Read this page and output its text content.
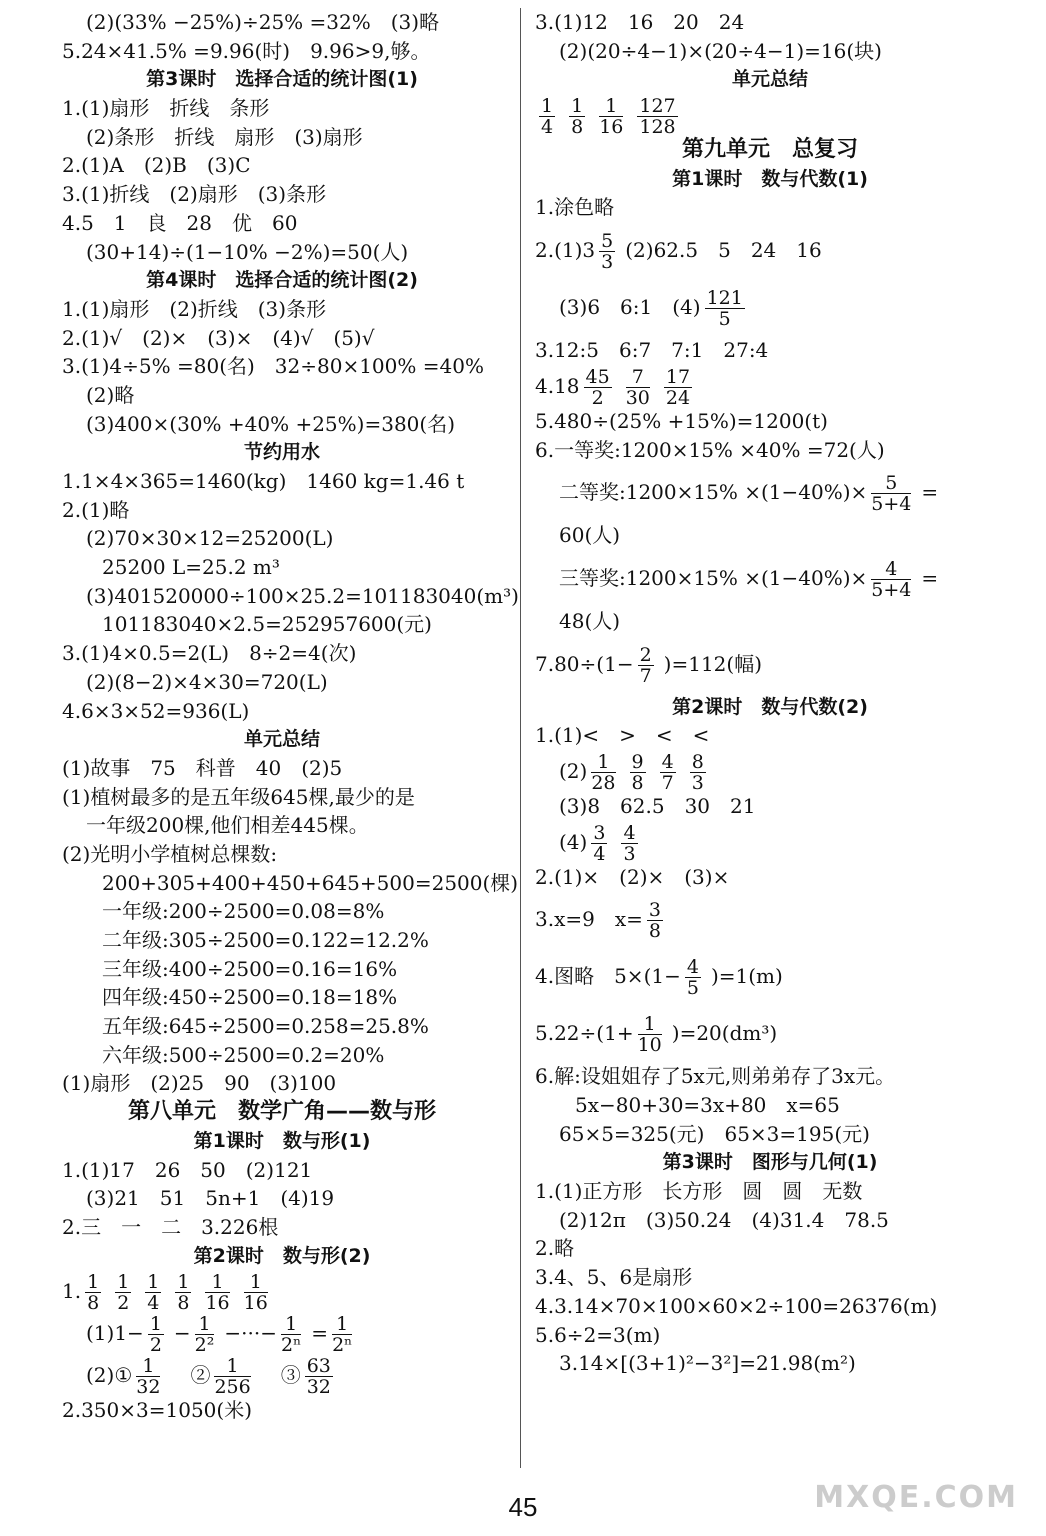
(2)(33% −25%)÷25% =32%　(3)略
5.24×41.5% =9.96(时)　9.96>9,够。
第3课时　选择合适的统计图(1)
1.(1)扇形　折线　条形
(2)条形　折线　扇形　(3)扇形
2.(1)A　(2)B　(3)C
3.(1)折线　(2)扇形　(3)条形
4.5　1　良　28　优　60
(30+14)÷(1−10% −2%)=50(人)
第4课时　选择合适的统计图(2)
1.(1)扇形　(2)折线　(3)条形
2.(1)√　(2)×　(3)×　(4)√　(5)√
3.(1)4÷5% =80(名)　32÷80×100% =40%
(2)略
(3)400×(30% +40% +25%)=380(名)
节约用水
1.1×4×365=1460(kg)　1460 kg=1.46 t
2.(1)略
(2)70×30×12=25200(L)
25200 L=25.2 m³
(3)401520000÷100×25.2=101183040(m³)
101183040×2.5=252957600(元)
3.(1)4×0.5=2(L)　8÷2=4(次)
(2)(8−2)×4×30=720(L)
4.6×3×52=936(L)
单元总结
(1)故事　75　科普　40　(2)5
(1)植树最多的是五年级645棵,最少的是
一年级200棵,他们相差445棵。
(2)光明小学植树总棵数:
200+305+400+450+645+500=2500(棵)
一年级:200÷2500=0.08=8%
二年级:305÷2500=0.122=12.2%
三年级:400÷2500=0.16=16%
四年级:450÷2500=0.18=18%
五年级:645÷2500=0.258=25.8%
六年级:500÷2500=0.2=20%
(1)扇形　(2)25　90　(3)100
第八单元　数学广角——数与形
第1课时　数与形(1)
1.(1)17　26　50　(2)121
(3)21　51　5n+1　(4)19
2.三　一　二　3.226根
第2课时　数与形(2)
1. $\frac{1}{8} \frac{1}{2} \frac{1}{4} \frac{1}{8} \frac{1}{16} \frac{1}{16}$
$(1)1- \frac{1}{2} - \frac{1}{\text{2²}}$ −···− $\frac{1}{\text{2ⁿ}} = \frac{1}{\text{2ⁿ}}$
(2)① $\frac{1}{32}$ 　② $\frac{1}{256}$ 　③ $\frac{63}{32}$
2.350×3=1050(米)
3.(1)12　16　20　24
(2)(20÷4−1)×(20÷4−1)=16(块)
单元总结
$\frac{1}{4} \frac{1}{8} \frac{1}{16} \frac{127}{128}$
第九单元　总复习
第1课时　数与代数(1)
1.涂色略
$2.(1)3 \frac{5}{3} (2)62.5$　5　24　16
(3)6　6:1　$(4) \frac{121}{5}$
3.12:5　6:7　7:1　27:4
$4.18 \frac{45}{2} \frac{7}{30} \frac{17}{24}$
5.480÷(25% +15%)=1200(t)
6.一等奖:1200×15% ×40% =72(人)
二等奖:1200×15% $\times(1-40\%)\times \frac{5}{5+4}$ =
60(人)
三等奖:1200×15% $\times(1-40\%)\times \frac{4}{5+4}$ =
48(人)
$7.80\div(1- \frac{2}{7} )=112$(幅)
第2课时　数与代数(2)
1.(1)<　>　<　<
$(2) \frac{1}{28} \frac{9}{8} \frac{4}{7} \frac{8}{3}$
(3)8　62.5　30　21
$(4) \frac{3}{4} \frac{4}{3}$
2.(1)×　(2)×　(3)×
3.x=9　$x= \frac{3}{8}$
4.图略　$5\times(1- \frac{4}{5} )=1(m)$
$5.22\div(1+ \frac{1}{10} )=20(dm^3)$
6.解:设姐姐存了5x元,则弟弟存了3x元。
5x−80+30=3x+80　x=65
65×5=325(元)　65×3=195(元)
第3课时　图形与几何(1)
1.(1)正方形　长方形　圆　圆　无数
(2)12π　(3)50.24　(4)31.4　78.5
2.略
3.4、5、6是扇形
4.3.14×70×100×60×2÷100=26376(m)
5.6÷2=3(m)
3.14×[(3+1)²−3²]=21.98(m²)
45	MXQE.COM
